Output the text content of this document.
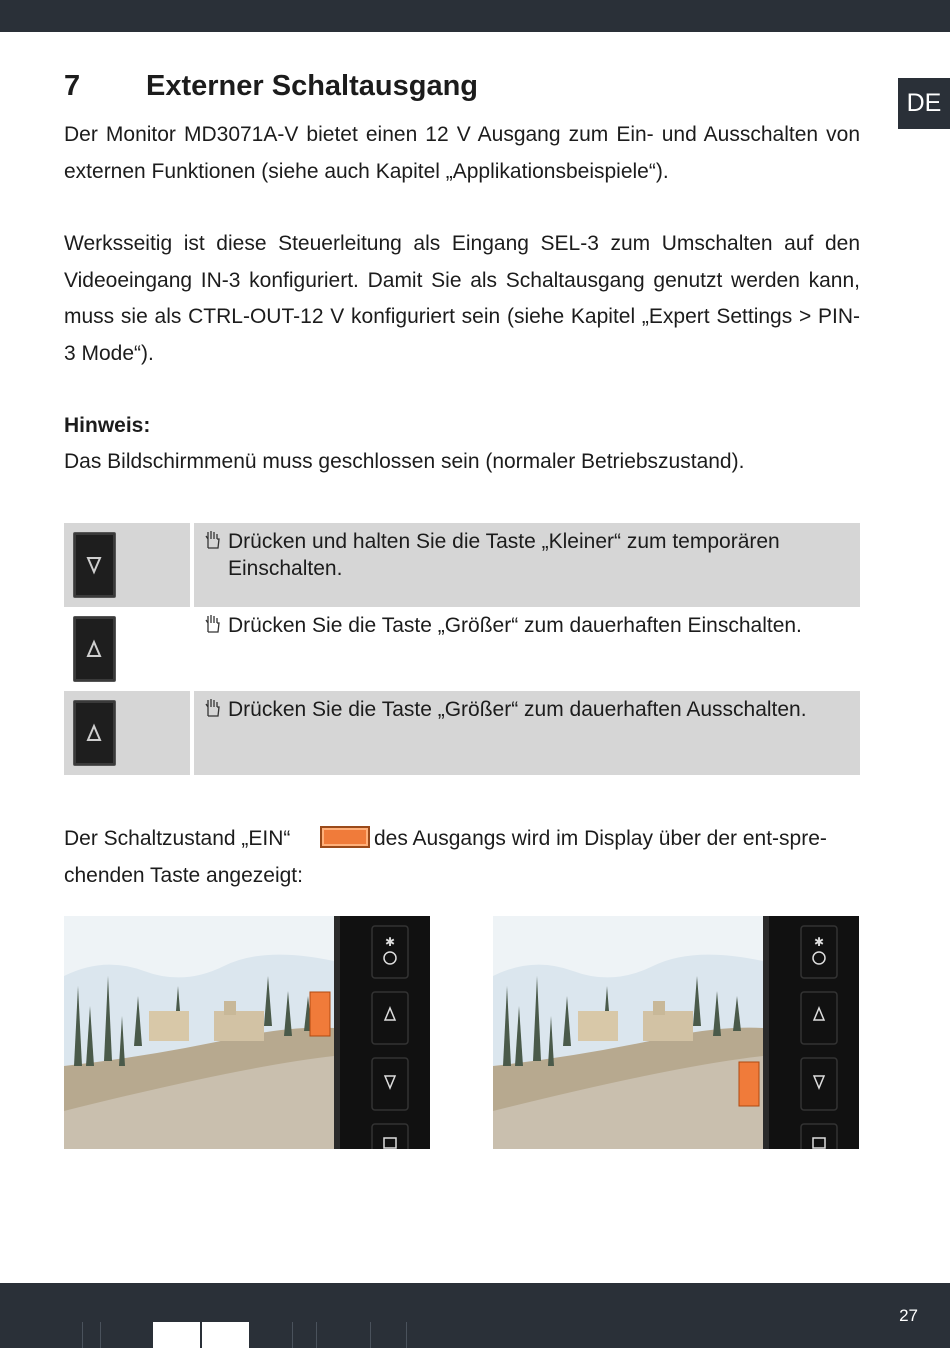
DE
7 Externer Schaltausgang

Der Monitor MD3071A-V bietet einen 12 V Ausgang zum Ein- und Ausschalten von externen Funktionen (siehe auch Kapitel „Applikationsbeispiele“).

Werksseitig ist diese Steuerleitung als Eingang SEL-3 zum Umschalten auf den Videoeingang IN-3 konfiguriert. Damit Sie als Schaltausgang genutzt werden kann, muss sie als CTRL-OUT-12 V konfiguriert sein (siehe Kapitel „Expert Settings > PIN-3 Mode“).

Hinweis:
Das Bildschirmmenü muss geschlossen sein (normaler Betriebszustand).
Drücken und halten Sie die Taste „Kleiner“ zum temporären Einschalten.
Drücken Sie die Taste „Größer“ zum dauerhaften Einschalten.
Drücken Sie die Taste „Größer“ zum dauerhaften Ausschalten.
Der Schaltzustand „EIN“	des Ausgangs wird im Display über der ent-spre-
chenden Taste angezeigt:
✱	✱
27
